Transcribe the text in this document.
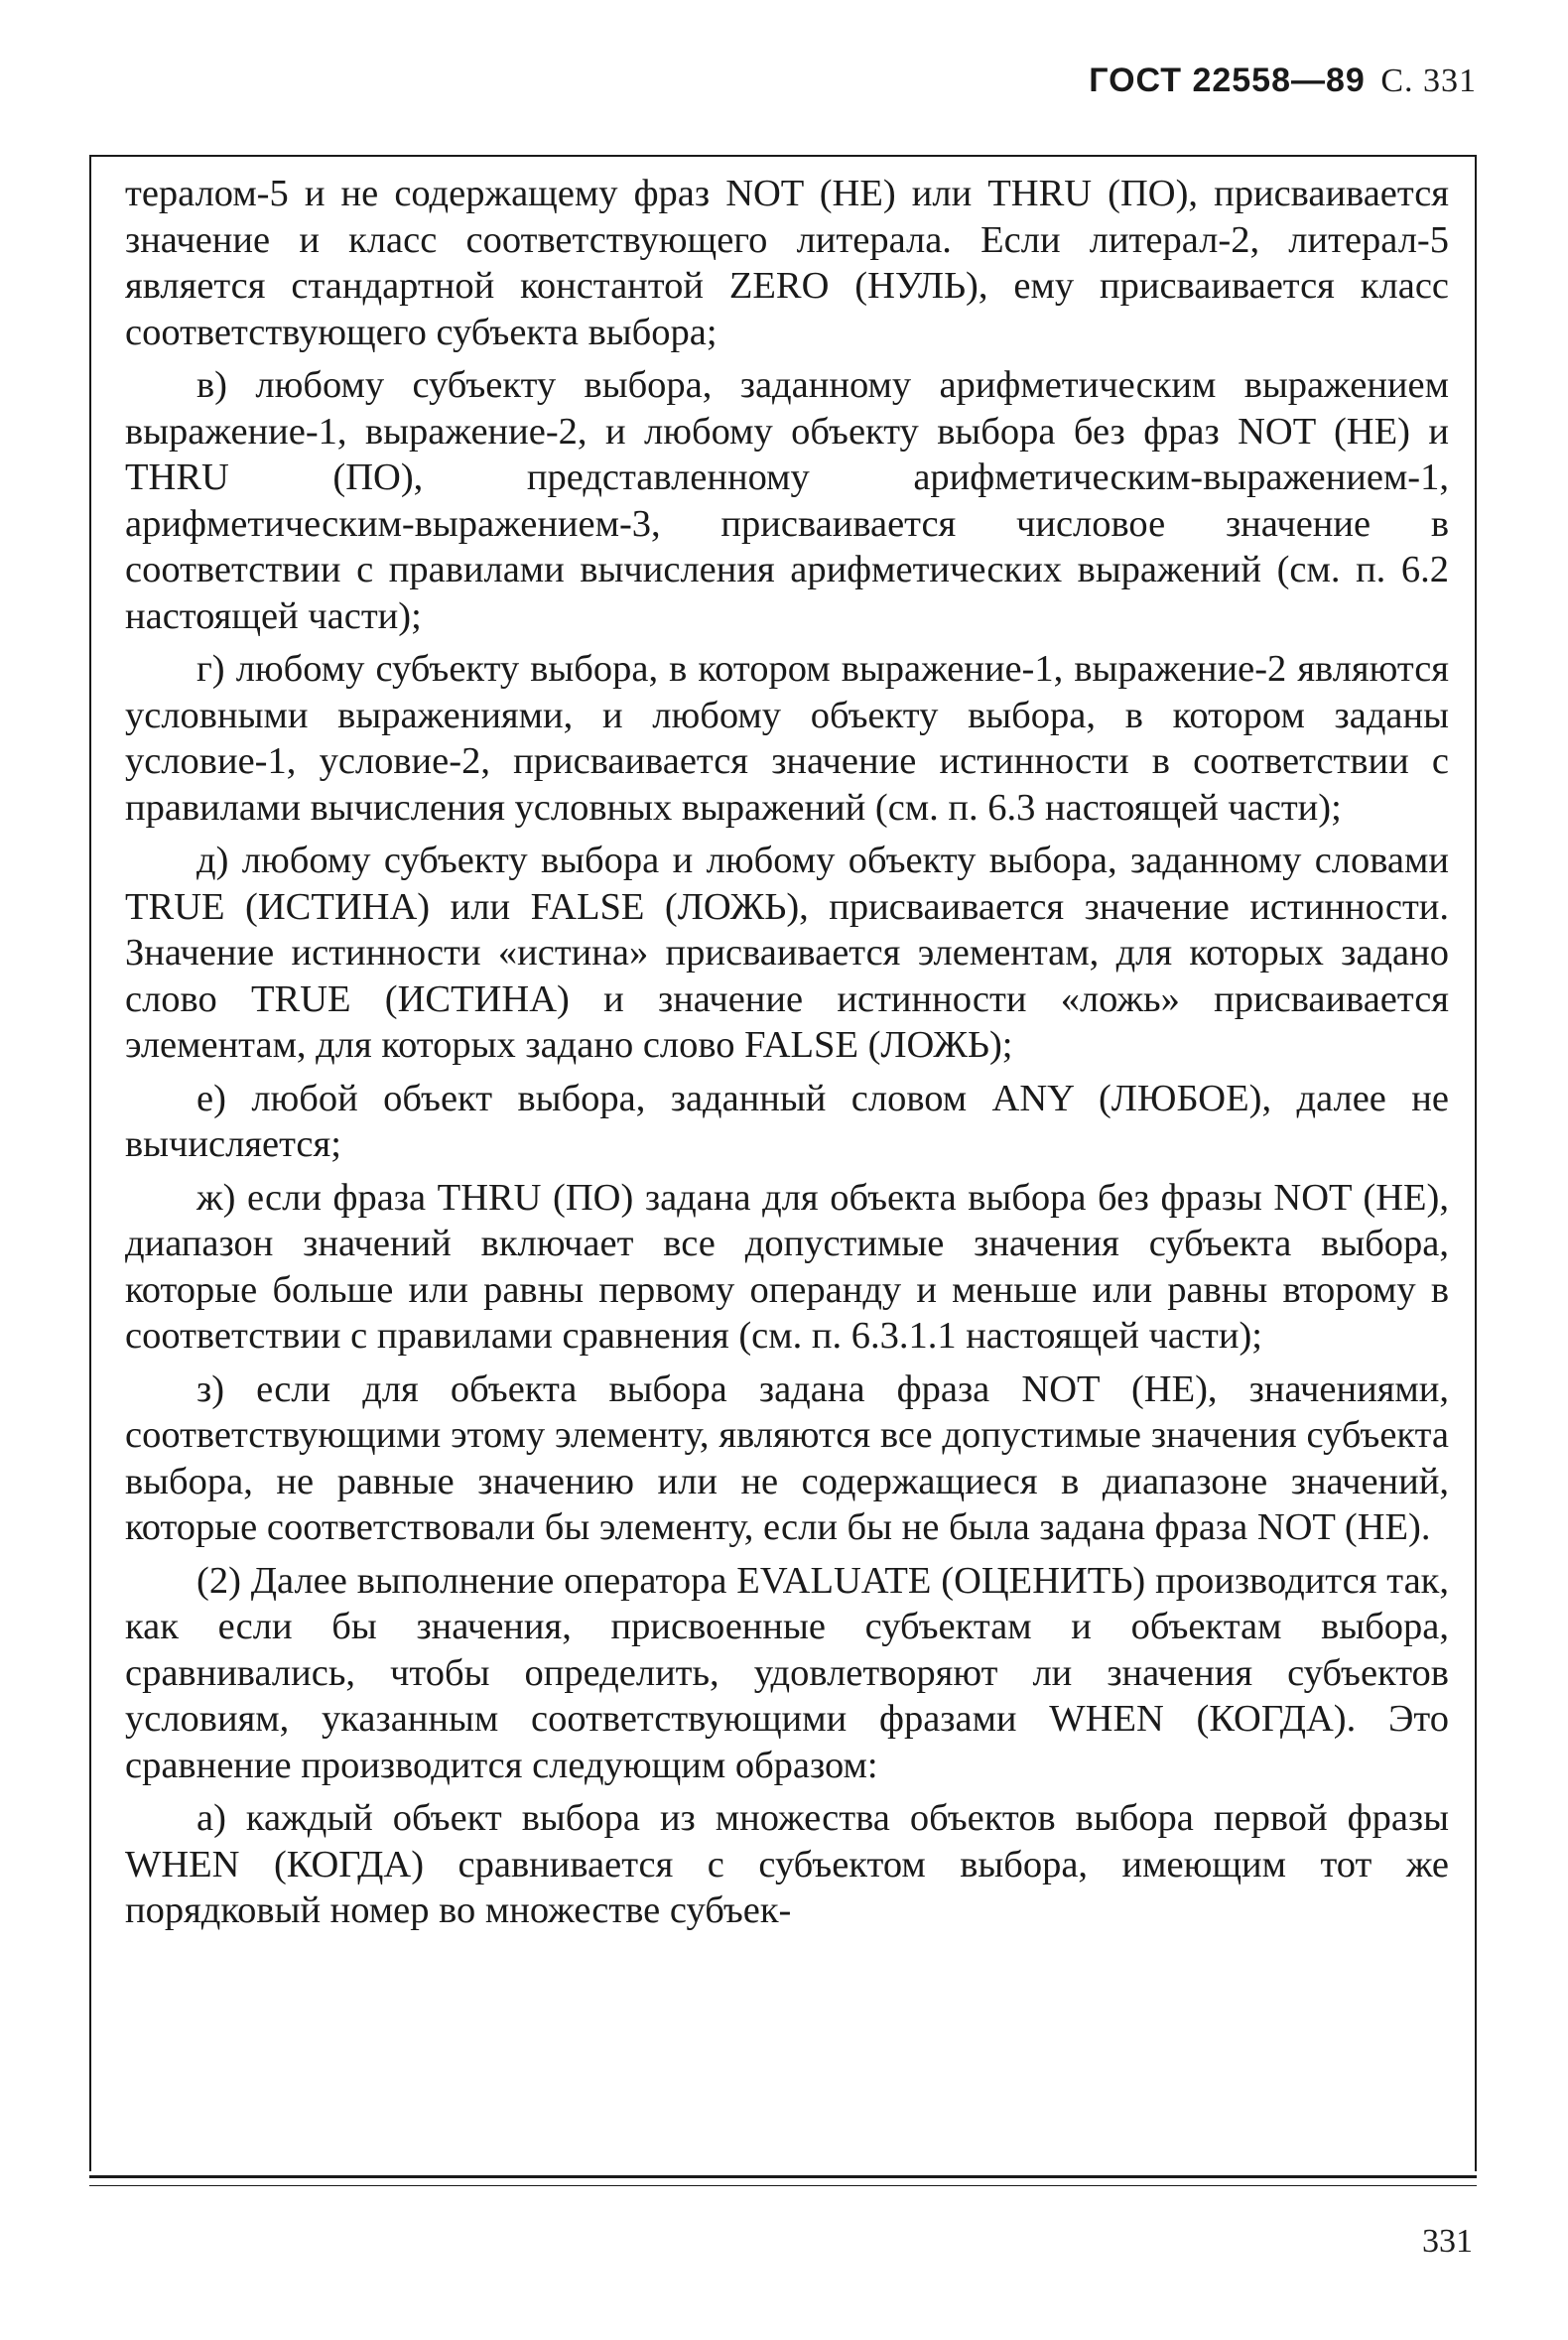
ГОСТ 22558—89 С. 331

тералом-5 и не содержащему фраз NOT (НЕ) или THRU (ПО), присваивается значение и класс соответствующего литерала. Если литерал-2, литерал-5 является стандартной константой ZERO (НУЛЬ), ему присваивается класс соответствующего субъекта выбора;

в) любому субъекту выбора, заданному арифметическим выражением выражение-1, выражение-2, и любому объекту выбора без фраз NOT (НЕ) и THRU (ПО), представленному арифметическим-выражением-1, арифметическим-выражением-3, присваивается числовое значение в соответствии с правилами вычисления арифметических выражений (см. п. 6.2 настоящей части);

г) любому субъекту выбора, в котором выражение-1, выражение-2 являются условными выражениями, и любому объекту выбора, в котором заданы условие-1, условие-2, присваивается значение истинности в соответствии с правилами вычисления условных выражений (см. п. 6.3 настоящей части);

д) любому субъекту выбора и любому объекту выбора, заданному словами TRUE (ИСТИНА) или FALSE (ЛОЖЬ), присваивается значение истинности. Значение истинности «истина» присваивается элементам, для которых задано слово TRUE (ИСТИНА) и значение истинности «ложь» присваивается элементам, для которых задано слово FALSE (ЛОЖЬ);

е) любой объект выбора, заданный словом ANY (ЛЮБОЕ), далее не вычисляется;

ж) если фраза THRU (ПО) задана для объекта выбора без фразы NOT (НЕ), диапазон значений включает все допустимые значения субъекта выбора, которые больше или равны первому операнду и меньше или равны второму в соответствии с правилами сравнения (см. п. 6.3.1.1 настоящей части);

з) если для объекта выбора задана фраза NOT (НЕ), значениями, соответствующими этому элементу, являются все допустимые значения субъекта выбора, не равные значению или не содержащиеся в диапазоне значений, которые соответствовали бы элементу, если бы не была задана фраза NOT (НЕ).

(2) Далее выполнение оператора EVALUATE (ОЦЕНИТЬ) производится так, как если бы значения, присвоенные субъектам и объектам выбора, сравнивались, чтобы определить, удовлетворяют ли значения субъектов условиям, указанным соответствующими фразами WHEN (КОГДА). Это сравнение производится следующим образом:

а) каждый объект выбора из множества объектов выбора первой фразы WHEN (КОГДА) сравнивается с субъектом выбора, имеющим тот же порядковый номер во множестве субъек-

331
